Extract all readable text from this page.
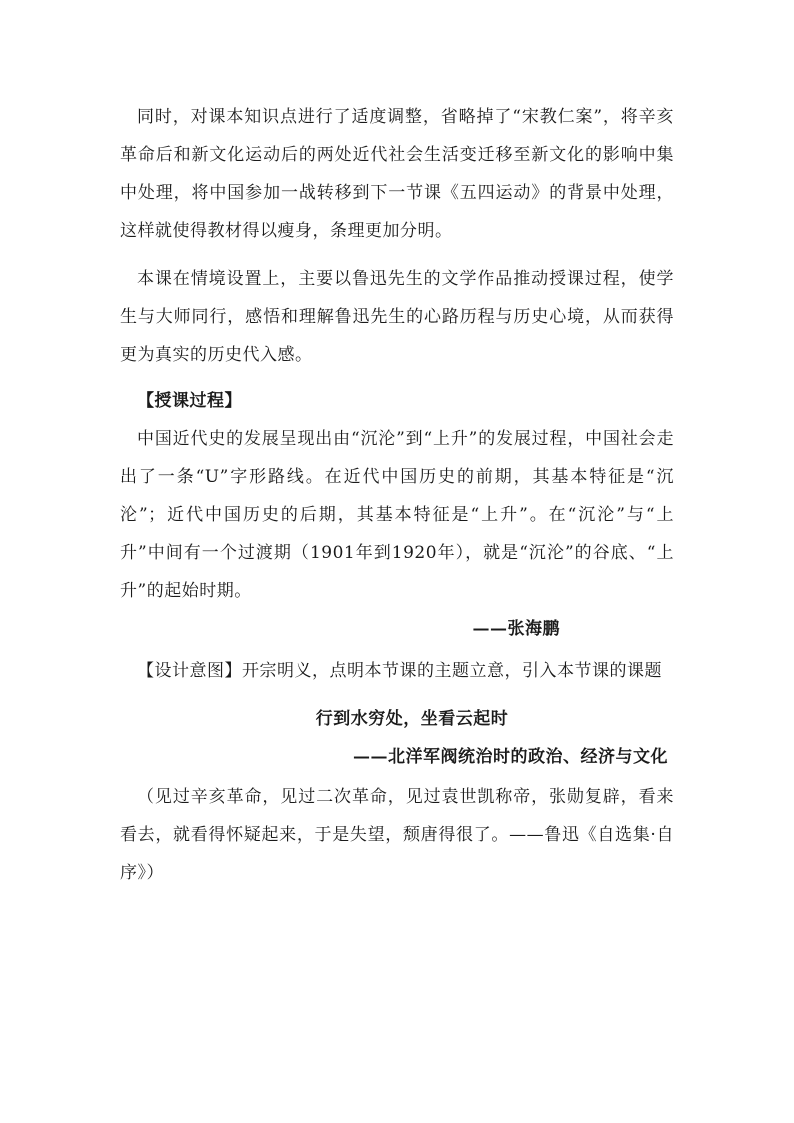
同时，对课本知识点进行了适度调整，省略掉了“宋教仁案”，将辛亥革命后和新文化运动后的两处近代社会生活变迁移至新文化的影响中集中处理，将中国参加一战转移到下一节课《五四运动》的背景中处理，这样就使得教材得以瘦身，条理更加分明。

本课在情境设置上，主要以鲁迅先生的文学作品推动授课过程，使学生与大师同行，感悟和理解鲁迅先生的心路历程与历史心境，从而获得更为真实的历史代入感。

【授课过程】

中国近代史的发展呈现出由“沉沦”到“上升”的发展过程，中国社会走出了一条“U”字形路线。在近代中国历史的前期，其基本特征是“沉沦”；近代中国历史的后期，其基本特征是“上升”。在“沉沦”与“上升”中间有一个过渡期（1901年到1920年），就是“沉沦”的谷底、“上升”的起始时期。

——张海鹏

【设计意图】开宗明义，点明本节课的主题立意，引入本节课的课题

行到水穷处，坐看云起时

——北洋军阀统治时的政治、经济与文化

（见过辛亥革命，见过二次革命，见过袁世凯称帝，张勋复辟，看来看去，就看得怀疑起来，于是失望，颓唐得很了。——鲁迅《自选集·自序》）
